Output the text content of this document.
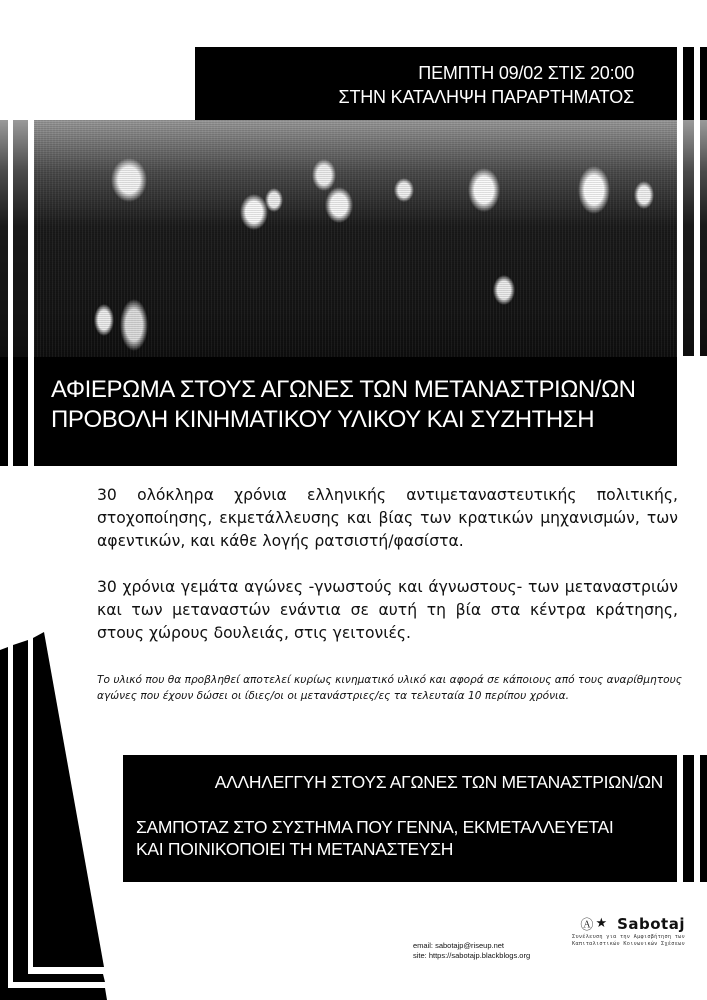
ΠΕΜΠΤΗ 09/02 ΣΤΙΣ 20:00
ΣΤΗΝ ΚΑΤΑΛΗΨΗ ΠΑΡΑΡΤΗΜΑΤΟΣ
ΑΦΙΕΡΩΜΑ ΣΤΟΥΣ ΑΓΩΝΕΣ ΤΩΝ ΜΕΤΑΝΑΣΤΡΙΩΝ/ΩΝ
ΠΡΟΒΟΛΗ ΚΙΝΗΜΑΤΙΚΟΥ ΥΛΙΚΟΥ ΚΑΙ ΣΥΖΗΤΗΣΗ
30 ολόκληρα χρόνια ελληνικής αντιμεταναστευτικής πολιτικής, στοχοποίησης, εκμετάλλευσης και βίας των κρατικών μηχανισμών, των αφεντικών, και κάθε λογής ρατσιστή/φασίστα.
30 χρόνια γεμάτα αγώνες -γνωστούς και άγνωστους- των μεταναστριών και των μεταναστών ενάντια σε αυτή τη βία στα κέντρα κράτησης, στους χώρους δουλειάς, στις γειτονιές.
Το υλικό που θα προβληθεί αποτελεί κυρίως κινηματικό υλικό και αφορά σε κάποιους από τους αναρίθμητους αγώνες που έχουν δώσει οι ίδιες/οι οι μετανάστριες/ες τα τελευταία 10 περίπου χρόνια.
ΑΛΛΗΛΕΓΓΥΗ ΣΤΟΥΣ ΑΓΩΝΕΣ ΤΩΝ ΜΕΤΑΝΑΣΤΡΙΩΝ/ΩΝ
ΣΑΜΠΟΤΑΖ ΣΤΟ ΣΥΣΤΗΜΑ ΠΟΥ ΓΕΝΝΑ, ΕΚΜΕΤΑΛΛΕΥΕΤΑΙ
ΚΑΙ ΠΟΙΝΙΚΟΠΟΙΕΙ ΤΗ ΜΕΤΑΝΑΣΤΕΥΣΗ
email: sabotajp@riseup.net
site: https://sabotajp.blackblogs.org
Ⓐ ★ Sabotaj
Συνέλευση για την Αμφισβήτηση των
Καπιταλιστικών Κοινωνικών Σχέσεων
